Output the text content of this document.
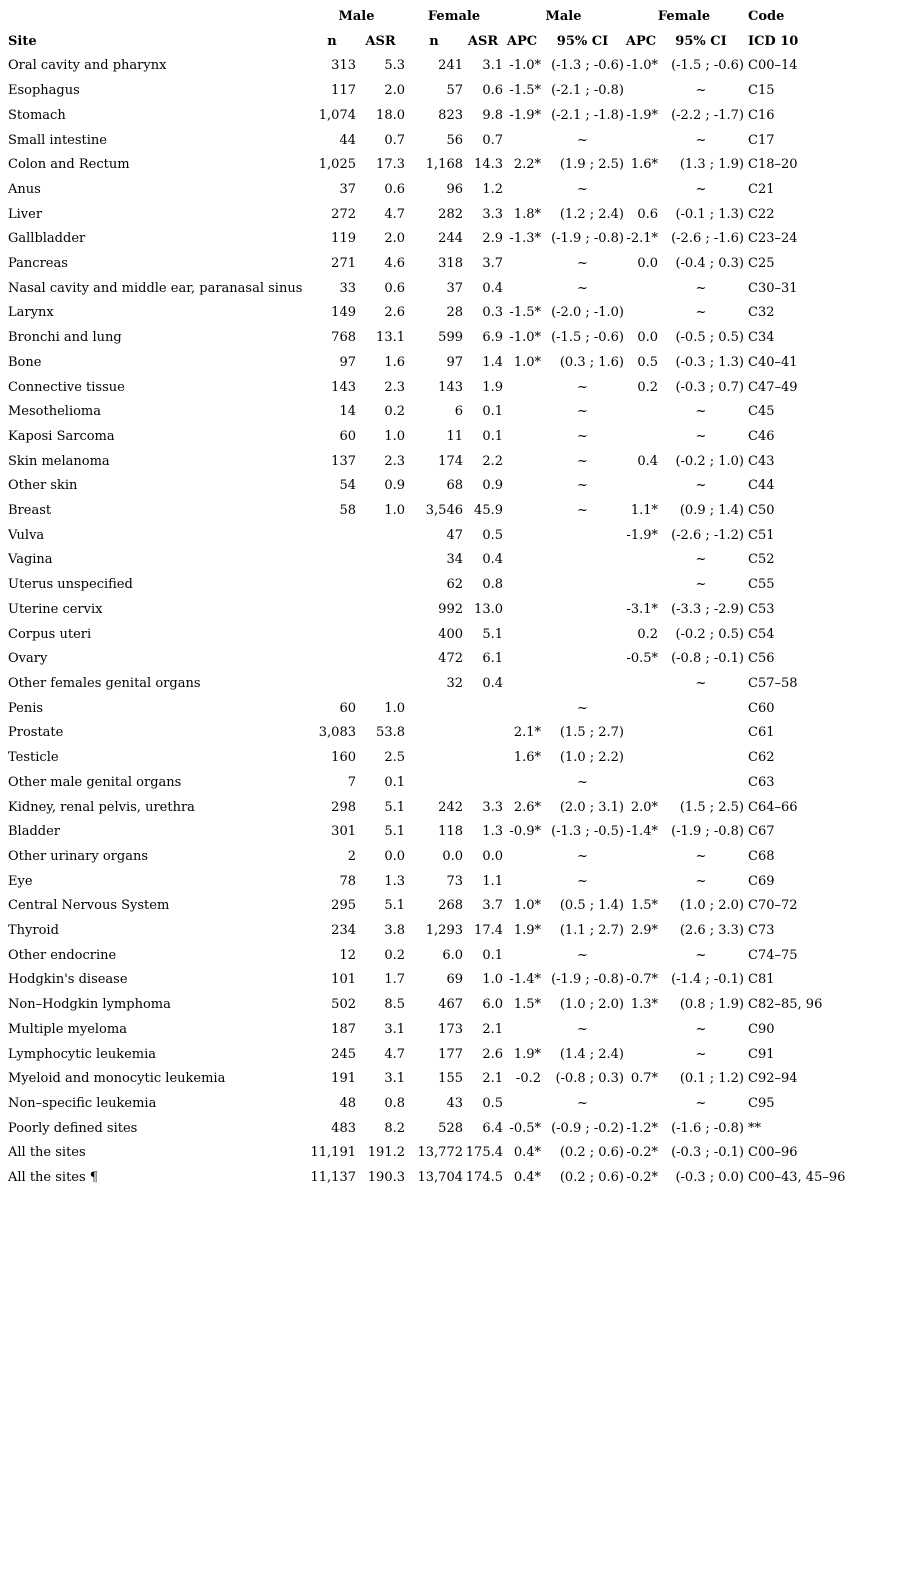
	Male		Female		Male		Female		Code
Site	n	ASR	n	ASR	APC	95% CI	APC	95% CI	ICD 10
Oral cavity and pharynx	313	5.3	241	3.1	-1.0*	(-1.3 ; -0.6)	-1.0*	(-1.5 ; -0.6)	C00–14
Esophagus	117	2.0	57	0.6	-1.5*	(-2.1 ; -0.8)		~	C15
Stomach	1,074	18.0	823	9.8	-1.9*	(-2.1 ; -1.8)	-1.9*	(-2.2 ; -1.7)	C16
Small intestine	44	0.7	56	0.7		~		~	C17
Colon and Rectum	1,025	17.3	1,168	14.3	2.2*	(1.9 ; 2.5)	1.6*	(1.3 ; 1.9)	C18–20
Anus	37	0.6	96	1.2		~		~	C21
Liver	272	4.7	282	3.3	1.8*	(1.2 ; 2.4)	0.6	(-0.1 ; 1.3)	C22
Gallbladder	119	2.0	244	2.9	-1.3*	(-1.9 ; -0.8)	-2.1*	(-2.6 ; -1.6)	C23–24
Pancreas	271	4.6	318	3.7		~	0.0	(-0.4 ; 0.3)	C25
Nasal cavity and middle ear, paranasal sinus	33	0.6	37	0.4		~		~	C30–31
Larynx	149	2.6	28	0.3	-1.5*	(-2.0 ; -1.0)		~	C32
Bronchi and lung	768	13.1	599	6.9	-1.0*	(-1.5 ; -0.6)	0.0	(-0.5 ; 0.5)	C34
Bone	97	1.6	97	1.4	1.0*	(0.3 ; 1.6)	0.5	(-0.3 ; 1.3)	C40–41
Connective tissue	143	2.3	143	1.9		~	0.2	(-0.3 ; 0.7)	C47–49
Mesothelioma	14	0.2	6	0.1		~		~	C45
Kaposi Sarcoma	60	1.0	11	0.1		~		~	C46
Skin melanoma	137	2.3	174	2.2		~	0.4	(-0.2 ; 1.0)	C43
Other skin	54	0.9	68	0.9		~		~	C44
Breast	58	1.0	3,546	45.9		~	1.1*	(0.9 ; 1.4)	C50
Vulva			47	0.5			-1.9*	(-2.6 ; -1.2)	C51
Vagina			34	0.4				~	C52
Uterus unspecified			62	0.8				~	C55
Uterine cervix			992	13.0			-3.1*	(-3.3 ; -2.9)	C53
Corpus uteri			400	5.1			0.2	(-0.2 ; 0.5)	C54
Ovary			472	6.1			-0.5*	(-0.8 ; -0.1)	C56
Other females genital organs			32	0.4				~	C57–58
Penis	60	1.0				~			C60
Prostate	3,083	53.8			2.1*	(1.5 ; 2.7)			C61
Testicle	160	2.5			1.6*	(1.0 ; 2.2)			C62
Other male genital organs	7	0.1				~			C63
Kidney, renal pelvis, urethra	298	5.1	242	3.3	2.6*	(2.0 ; 3.1)	2.0*	(1.5 ; 2.5)	C64–66
Bladder	301	5.1	118	1.3	-0.9*	(-1.3 ; -0.5)	-1.4*	(-1.9 ; -0.8)	C67
Other urinary organs	2	0.0	0.0	0.0		~		~	C68
Eye	78	1.3	73	1.1		~		~	C69
Central Nervous System	295	5.1	268	3.7	1.0*	(0.5 ; 1.4)	1.5*	(1.0 ; 2.0)	C70–72
Thyroid	234	3.8	1,293	17.4	1.9*	(1.1 ; 2.7)	2.9*	(2.6 ; 3.3)	C73
Other endocrine	12	0.2	6.0	0.1		~		~	C74–75
Hodgkin's disease	101	1.7	69	1.0	-1.4*	(-1.9 ; -0.8)	-0.7*	(-1.4 ; -0.1)	C81
Non–Hodgkin lymphoma	502	8.5	467	6.0	1.5*	(1.0 ; 2.0)	1.3*	(0.8 ; 1.9)	C82–85, 96
Multiple myeloma	187	3.1	173	2.1		~		~	C90
Lymphocytic leukemia	245	4.7	177	2.6	1.9*	(1.4 ; 2.4)		~	C91
Myeloid and monocytic leukemia	191	3.1	155	2.1	-0.2	(-0.8 ; 0.3)	0.7*	(0.1 ; 1.2)	C92–94
Non–specific leukemia	48	0.8	43	0.5		~		~	C95
Poorly defined sites	483	8.2	528	6.4	-0.5*	(-0.9 ; -0.2)	-1.2*	(-1.6 ; -0.8)	**
All the sites	11,191	191.2	13,772	175.4	0.4*	(0.2 ; 0.6)	-0.2*	(-0.3 ; -0.1)	C00–96
All the sites ¶	11,137	190.3	13,704	174.5	0.4*	(0.2 ; 0.6)	-0.2*	(-0.3 ; 0.0)	C00–43, 45–96
